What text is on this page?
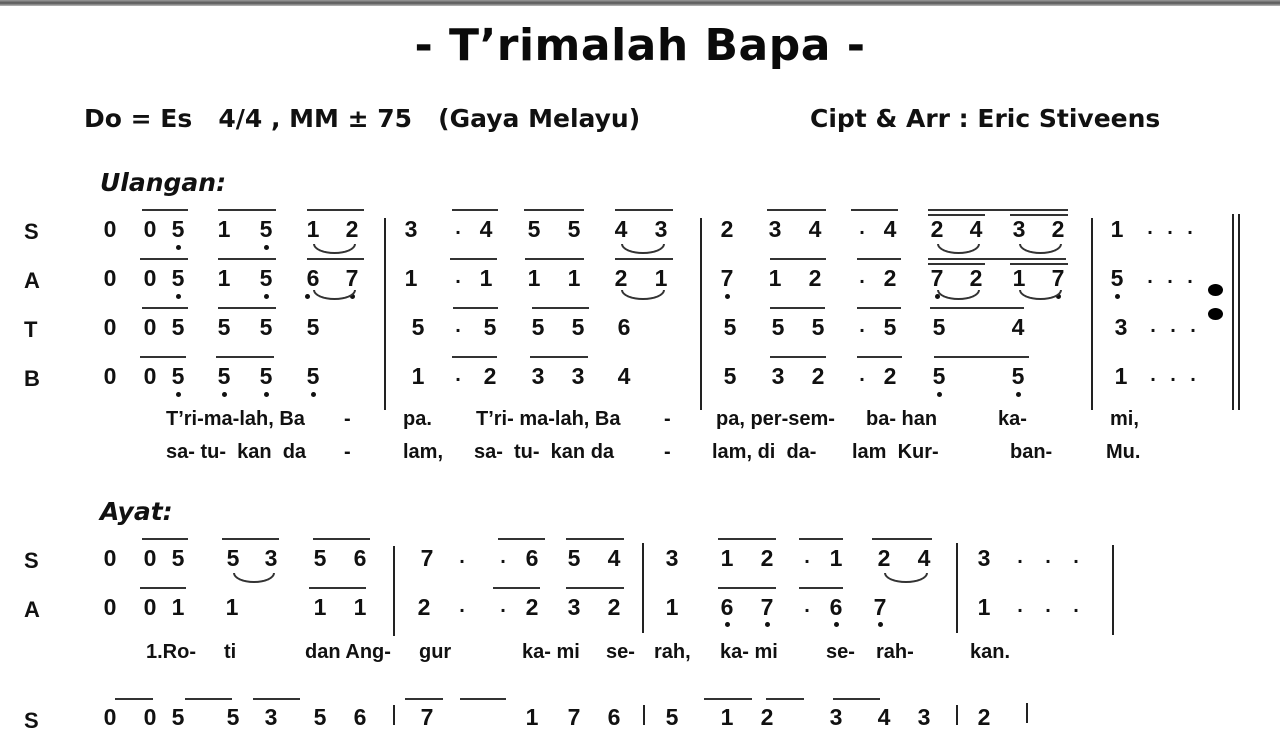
- T’rimalah Bapa -
Do = Es   4/4 , MM ± 75   (Gaya Melayu)	Cipt & Arr : Eric Stiveens
Ulangan:
Ayat:
S
A
T
B
S
A
S
0 0 5 1 5 1 2 3 . 4 5 5 4 3 2 3 4 . 4 2 4 3 2 1 . . .
0 0 5 1 5 6 7 1 . 1 1 1 2 1 7 1 2 . 2 7 2 1 7 5 . . .
0 0 5 5 5 5	5 . 5 5 5 6	5 5 5 . 5 5	4	3 . . .
0 0 5 5 5 5	1 . 2 3 3 4	5 3 2 . 2 5	5	1 . . .
0 0 5 5 3 5 6 7 . . 6 5 4 3 1 2 . 1 2 4 3 . . .
0 0 1 1	1 1 2 . . 2 3 2 1 6 7 . 6 7	1 . . .
0 0 5 5 3 5 6 7	1 7 6 5 1 2 3 4 3 2
T’ri-ma-lah, Ba -	pa. T’ri- ma-lah, Ba - pa, per-sem- ba- han	ka-	mi,
sa- tu-  kan  da -	lam, sa-  tu-  kan da - lam, di  da- lam  Kur-	ban-	Mu.
1.Ro- ti	dan Ang- gur	ka- mi se- rah, ka- mi se- rah-	kan.
